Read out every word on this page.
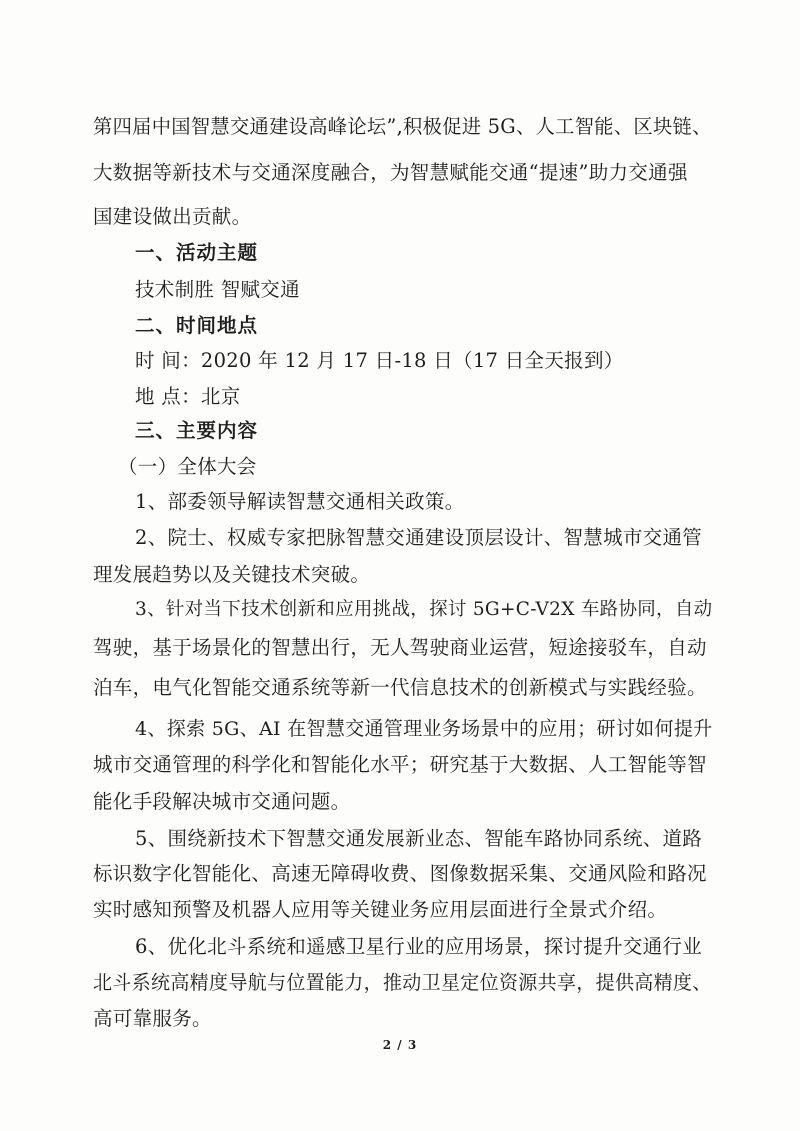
第四届中国智慧交通建设高峰论坛”,积极促进 5G、人工智能、区块链、
大数据等新技术与交通深度融合，为智慧赋能交通“提速”助力交通强
国建设做出贡献。
一、活动主题
技术制胜 智赋交通
二、时间地点
时 间：2020 年 12 月 17 日-18 日（17 日全天报到）
地 点：北京
三、主要内容
（一）全体大会
1、部委领导解读智慧交通相关政策。
2、院士、权威专家把脉智慧交通建设顶层设计、智慧城市交通管
理发展趋势以及关键技术突破。
3、针对当下技术创新和应用挑战，探讨 5G+C-V2X 车路协同，自动
驾驶，基于场景化的智慧出行，无人驾驶商业运营，短途接驳车，自动
泊车，电气化智能交通系统等新一代信息技术的创新模式与实践经验。
4、探索 5G、AI 在智慧交通管理业务场景中的应用；研讨如何提升
城市交通管理的科学化和智能化水平；研究基于大数据、人工智能等智
能化手段解决城市交通问题。
5、围绕新技术下智慧交通发展新业态、智能车路协同系统、道路
标识数字化智能化、高速无障碍收费、图像数据采集、交通风险和路况
实时感知预警及机器人应用等关键业务应用层面进行全景式介绍。
6、优化北斗系统和遥感卫星行业的应用场景，探讨提升交通行业
北斗系统高精度导航与位置能力，推动卫星定位资源共享，提供高精度、
高可靠服务。
2 / 3
